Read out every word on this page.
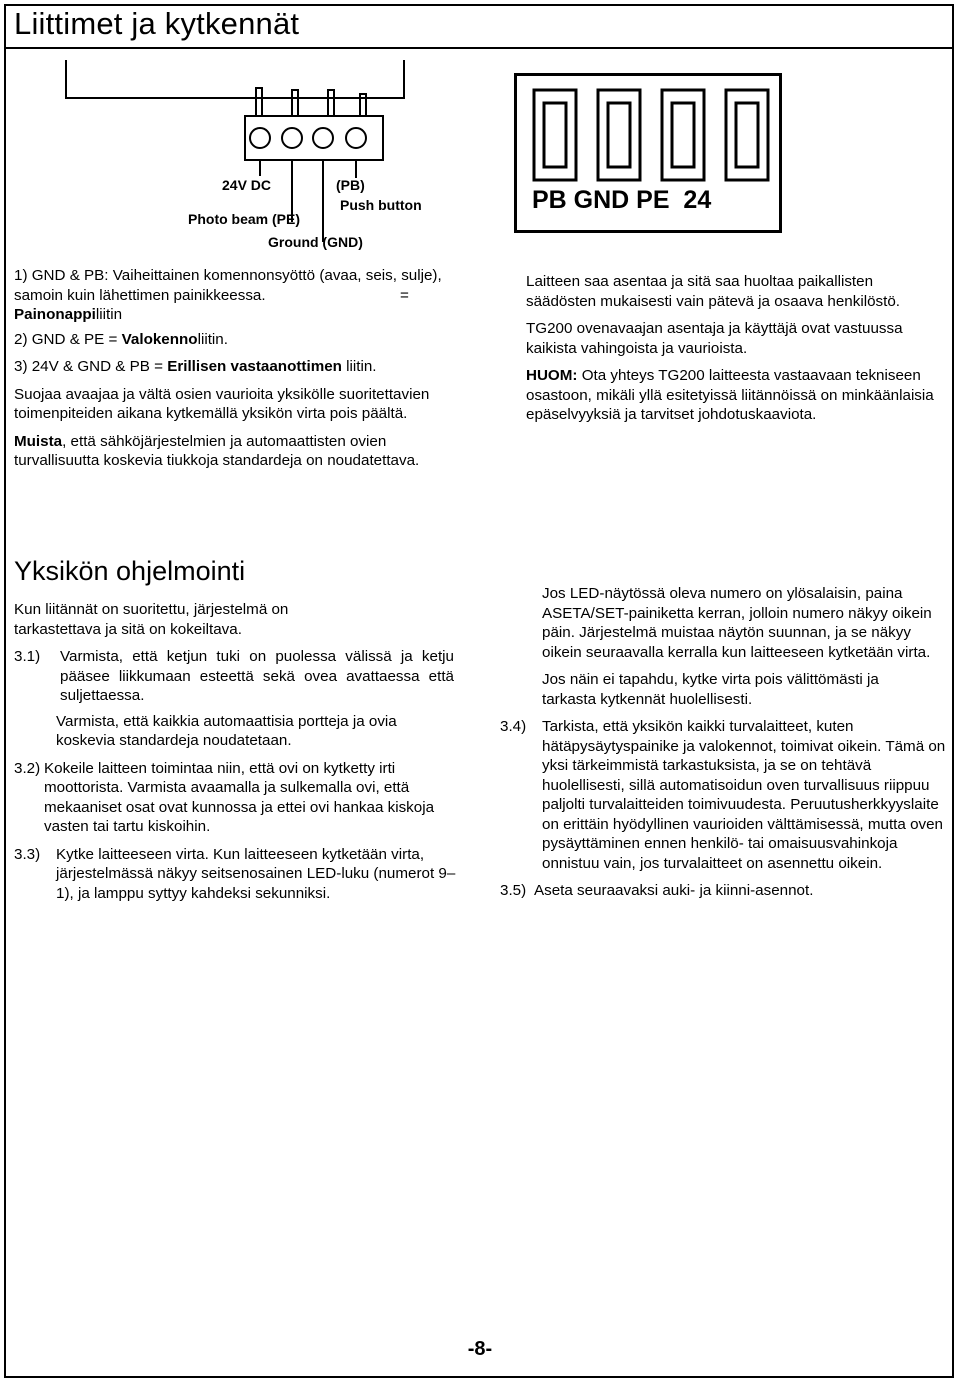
Liittimet ja kytkennät
24V DC	(PB)
Push button
Photo beam (PE)
Ground (GND)
PB GND PE  24

1) GND & PB: Vaiheittainen komennonsyöttö (avaa, seis, sulje), samoin kuin lähettimen painikkeessa.

Painonappiliitin

2) GND & PE = Valokennoliitin.

3) 24V & GND & PB = Erillisen vastaanottimen liitin.

Suojaa avaajaa ja vältä osien vaurioita yksikölle suoritettavien toimenpiteiden aikana kytkemällä yksikön virta pois päältä.

Muista, että sähköjärjestelmien ja automaattisten ovien turvallisuutta koskevia tiukkoja standardeja on noudatettava.

=

Laitteen saa asentaa ja sitä saa huoltaa paikallisten säädösten mukaisesti vain pätevä ja osaava henkilöstö.

TG200 ovenavaajan asentaja ja käyttäjä ovat vastuussa kaikista vahingoista ja vaurioista.

HUOM: Ota yhteys TG200 laitteesta vastaavaan tekniseen osastoon, mikäli yllä esitetyissä liitännöissä on minkäänlaisia epäselvyyksiä ja tarvitset johdotuskaaviota.

Yksikön ohjelmointi

Kun liitännät on suoritettu, järjestelmä on tarkastettava ja sitä on kokeiltava.

3.1)	Varmista, että ketjun tuki on puolessa välissä ja ketju pääsee liikkumaan esteettä sekä ovea avattaessa että suljettaessa.

Varmista, että kaikkia automaattisia portteja ja ovia koskevia standardeja noudatetaan.

3.2) Kokeile laitteen toimintaa niin, että ovi on kytketty irti moottorista. Varmista avaamalla ja sulkemalla ovi, että mekaaniset osat ovat kunnossa ja ettei ovi hankaa kiskoja vasten tai tartu kiskoihin.

3.3)	Kytke laitteeseen virta. Kun laitteeseen kytketään virta, järjestelmässä näkyy seitsenosainen LED-luku (numerot 9–1), ja lamppu syttyy kahdeksi sekunniksi.

Jos LED-näytössä oleva numero on ylösalaisin, paina ASETA/SET-painiketta kerran, jolloin numero näkyy oikein päin. Järjestelmä muistaa näytön suunnan, ja se näkyy oikein seuraavalla kerralla kun laitteeseen kytketään virta.

Jos näin ei tapahdu, kytke virta pois välittömästi ja tarkasta kytkennät huolellisesti.

3.4)	Tarkista, että yksikön kaikki turvalaitteet, kuten hätäpysäytyspainike ja valokennot, toimivat oikein. Tämä on yksi tärkeimmistä tarkastuksista, ja se on tehtävä huolellisesti, sillä automatisoidun oven turvallisuus riippuu paljolti turvalaitteiden toimivuudesta. Peruutusherkkyyslaite on erittäin hyödyllinen vaurioiden välttämisessä, mutta oven pysäyttäminen ennen henkilö- tai omaisuusvahinkoja onnistuu vain, jos turvalaitteet on asennettu oikein.

3.5) Aseta seuraavaksi auki- ja kiinni-asennot.

-8-
